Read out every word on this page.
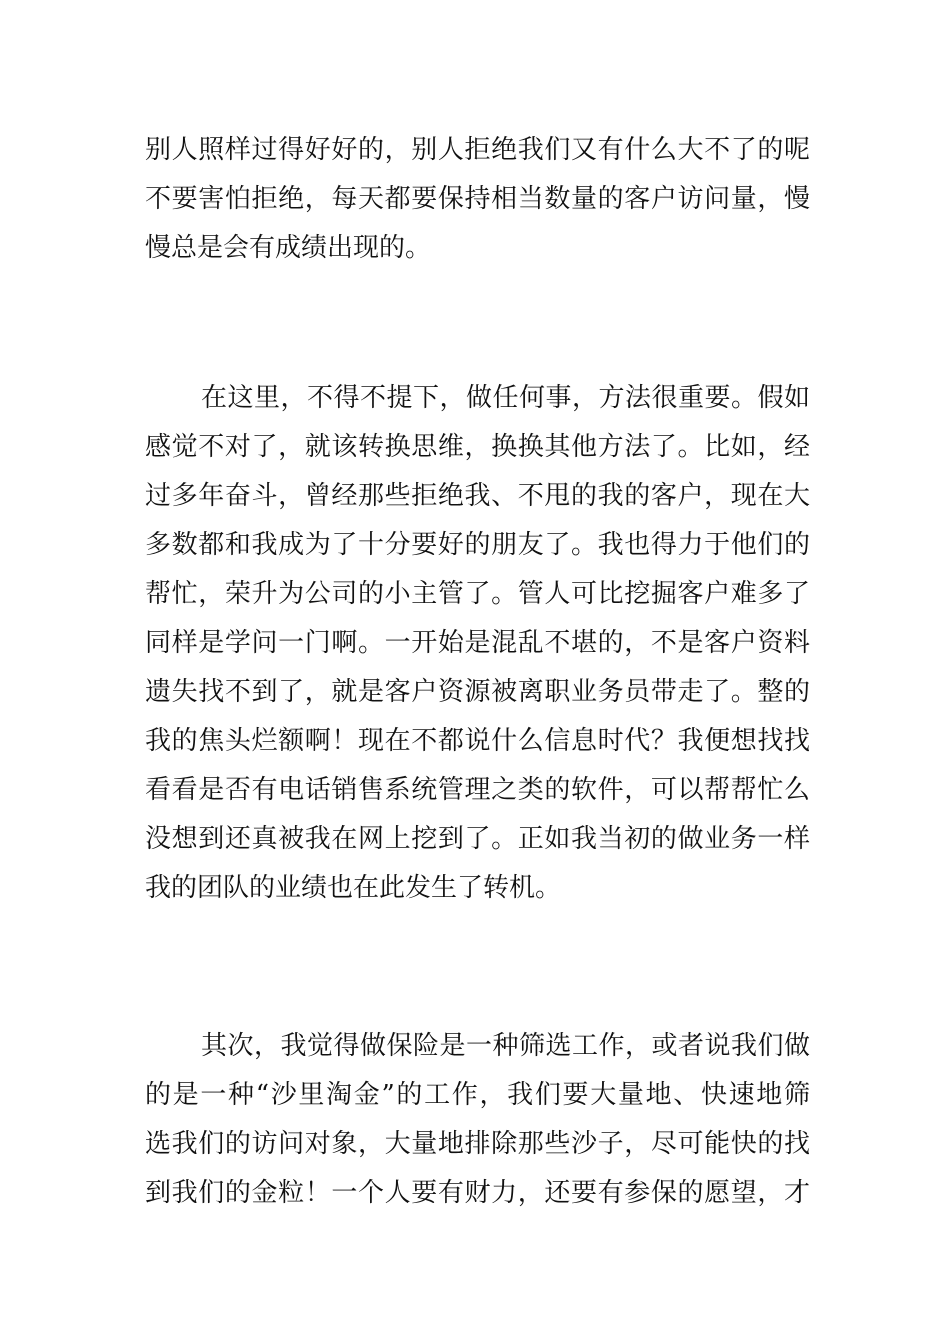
别人照样过得好好的，别人拒绝我们又有什么大不了的呢
不要害怕拒绝，每天都要保持相当数量的客户访问量，慢
慢总是会有成绩出现的。
在这里，不得不提下，做任何事，方法很重要。假如
感觉不对了，就该转换思维，换换其他方法了。比如，经
过多年奋斗，曾经那些拒绝我、不甩的我的客户，现在大
多数都和我成为了十分要好的朋友了。我也得力于他们的
帮忙，荣升为公司的小主管了。管人可比挖掘客户难多了
同样是学问一门啊。一开始是混乱不堪的，不是客户资料
遗失找不到了，就是客户资源被离职业务员带走了。整的
我的焦头烂额啊！现在不都说什么信息时代？我便想找找
看看是否有电话销售系统管理之类的软件，可以帮帮忙么
没想到还真被我在网上挖到了。正如我当初的做业务一样
我的团队的业绩也在此发生了转机。
其次，我觉得做保险是一种筛选工作，或者说我们做
的是一种“沙里淘金”的工作，我们要大量地、快速地筛
选我们的访问对象，大量地排除那些沙子，尽可能快的找
到我们的金粒！一个人要有财力，还要有参保的愿望，才
